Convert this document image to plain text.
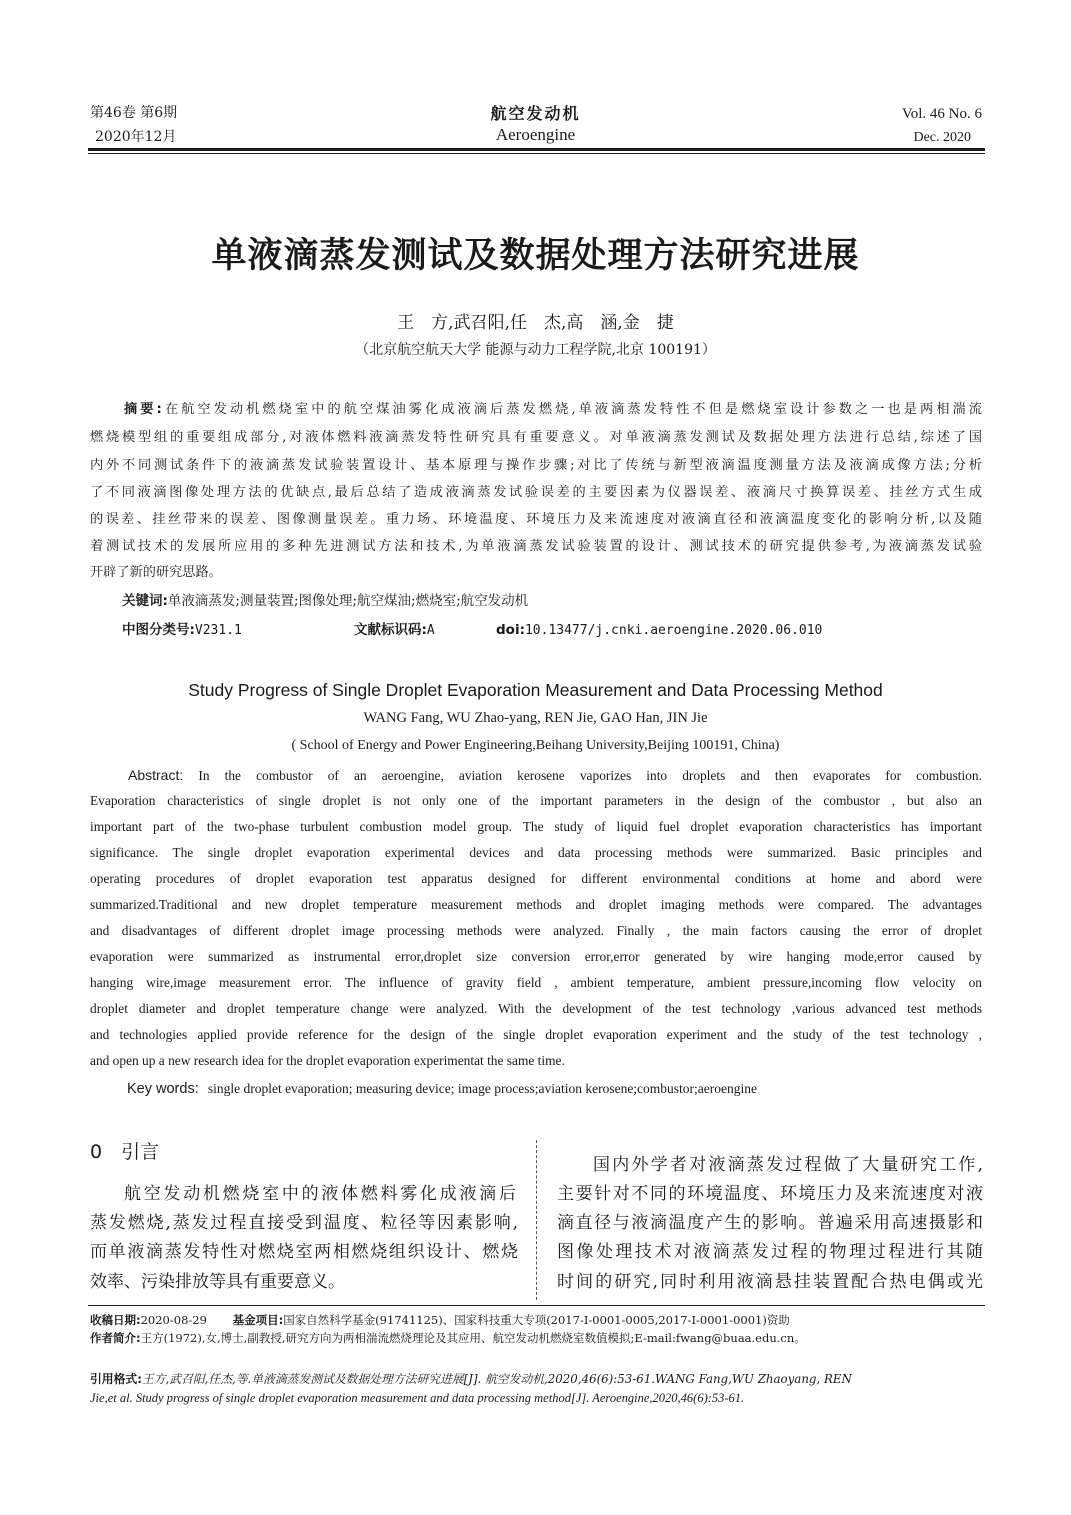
第46卷 第6期
2020年12月
航空发动机
Aeroengine
Vol. 46 No. 6
Dec. 2020
单液滴蒸发测试及数据处理方法研究进展
王　方,武召阳,任　杰,高　涵,金　捷
（北京航空航天大学 能源与动力工程学院,北京 100191）
摘要:在航空发动机燃烧室中的航空煤油雾化成液滴后蒸发燃烧,单液滴蒸发特性不但是燃烧室设计参数之一也是两相湍流
燃烧模型组的重要组成部分,对液体燃料液滴蒸发特性研究具有重要意义。对单液滴蒸发测试及数据处理方法进行总结,综述了国
内外不同测试条件下的液滴蒸发试验装置设计、基本原理与操作步骤;对比了传统与新型液滴温度测量方法及液滴成像方法;分析
了不同液滴图像处理方法的优缺点,最后总结了造成液滴蒸发试验误差的主要因素为仪器误差、液滴尺寸换算误差、挂丝方式生成
的误差、挂丝带来的误差、图像测量误差。重力场、环境温度、环境压力及来流速度对液滴直径和液滴温度变化的影响分析,以及随
着测试技术的发展所应用的多种先进测试方法和技术,为单液滴蒸发试验装置的设计、测试技术的研究提供参考,为液滴蒸发试验
开辟了新的研究思路。
关键词:单液滴蒸发;测量装置;图像处理;航空煤油;燃烧室;航空发动机
中图分类号:V231.1	文献标识码:A	doi:10.13477/j.cnki.aeroengine.2020.06.010
Study Progress of Single Droplet Evaporation Measurement and Data Processing Method
WANG Fang, WU Zhao-yang, REN Jie, GAO Han, JIN Jie
( School of Energy and Power Engineering,Beihang University,Beijing 100191, China)
Abstract: In the combustor of an aeroengine, aviation kerosene vaporizes into droplets and then evaporates for combustion.
Evaporation characteristics of single droplet is not only one of the important parameters in the design of the combustor , but also an
important part of the two-phase turbulent combustion model group. The study of liquid fuel droplet evaporation characteristics has important
significance. The single droplet evaporation experimental devices and data processing methods were summarized. Basic principles and
operating procedures of droplet evaporation test apparatus designed for different environmental conditions at home and abord were
summarized.Traditional and new droplet temperature measurement methods and droplet imaging methods were compared. The advantages
and disadvantages of different droplet image processing methods were analyzed. Finally , the main factors causing the error of droplet
evaporation were summarized as instrumental error,droplet size conversion error,error generated by wire hanging mode,error caused by
hanging wire,image measurement error. The influence of gravity field , ambient temperature, ambient pressure,incoming flow velocity on
droplet diameter and droplet temperature change were analyzed. With the development of the test technology ,various advanced test methods
and technologies applied provide reference for the design of the single droplet evaporation experiment and the study of the test technology ,
and open up a new research idea for the droplet evaporation experimentat the same time.
Key words: single droplet evaporation; measuring device; image process;aviation kerosene;combustor;aeroengine
0　引言
航空发动机燃烧室中的液体燃料雾化成液滴后
蒸发燃烧,蒸发过程直接受到温度、粒径等因素影响,
而单液滴蒸发特性对燃烧室两相燃烧组织设计、燃烧
效率、污染排放等具有重要意义。
国内外学者对液滴蒸发过程做了大量研究工作,
主要针对不同的环境温度、环境压力及来流速度对液
滴直径与液滴温度产生的影响。普遍采用高速摄影和
图像处理技术对液滴蒸发过程的物理过程进行其随
时间的研究,同时利用液滴悬挂装置配合热电偶或光
收稿日期:2020-08-29 基金项目:国家自然科学基金(91741125)、国家科技重大专项(2017-I-0001-0005,2017-I-0001-0001)资助
作者简介:王方(1972),女,博士,副教授,研究方向为两相湍流燃烧理论及其应用、航空发动机燃烧室数值模拟;E-mail:fwang@buaa.edu.cn。
引用格式:王方,武召阳,任杰,等.单液滴蒸发测试及数据处理方法研究进展[J]. 航空发动机,2020,46(6):53-61.WANG Fang,WU Zhaoyang, REN
Jie,et al. Study progress of single droplet evaporation measurement and data processing method[J]. Aeroengine,2020,46(6):53-61.
